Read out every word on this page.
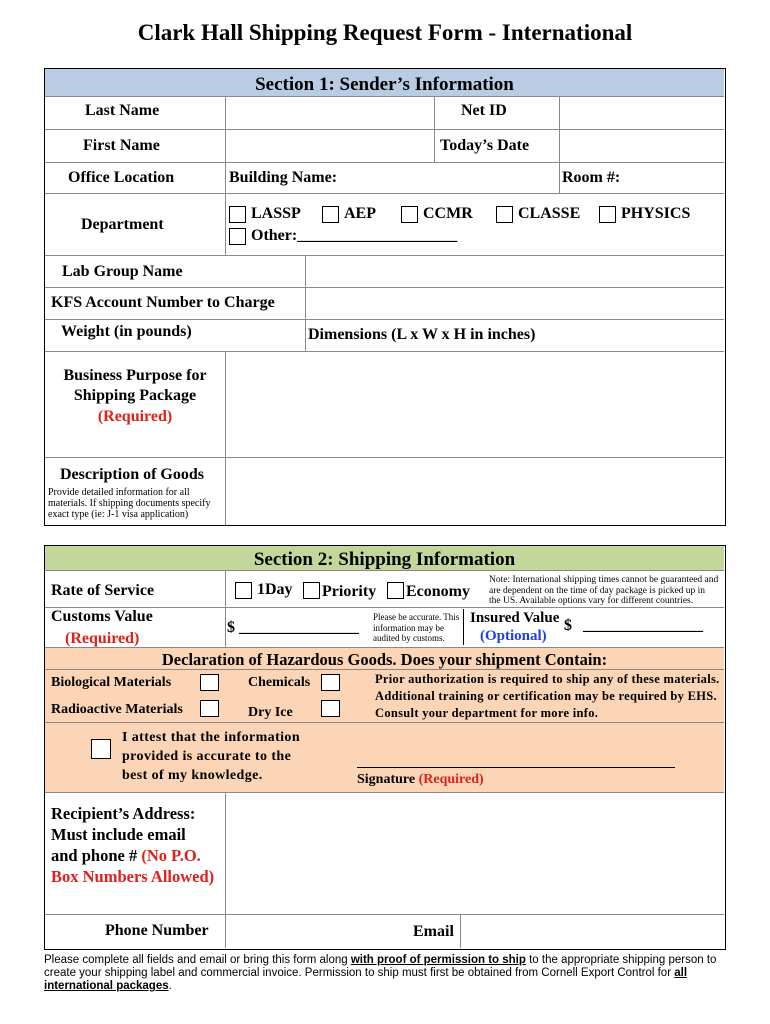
Clark Hall Shipping Request Form - International
Section 1: Sender’s Information
Last Name	Net ID
First Name	Today’s Date
Office Location	Building Name:	Room #:
Department
LASSP	AEP	CCMR	CLASSE	PHYSICS
Other:____________________
Lab Group Name
KFS Account Number to Charge
Weight (in pounds)	Dimensions (L x W x H in inches)
Business Purpose for
Shipping Package
(Required)
Description of Goods
Provide detailed information for all materials. If shipping documents specify exact type (ie: J-1 visa application)
Section 2: Shipping Information
Rate of Service	1Day Priority Economy
Note: International shipping times cannot be guaranteed and are dependent on the time of day package is picked up in the US. Available options vary for different countries.
Customs Value
(Required)
$ _______________
Please be accurate. This information may be audited by customs.
Insured Value
(Optional)
$ _______________
Declaration of Hazardous Goods. Does your shipment Contain:
Biological Materials	Chemicals
Radioactive Materials	Dry Ice
Prior authorization is required to ship any of these materials. Additional training or certification may be required by EHS. Consult your department for more info.
I attest that the information
provided is accurate to the
best of my knowledge.	Signature (Required)
Recipient’s Address:
Must include email
and phone # (No P.O.
Box Numbers Allowed)
Phone Number	Email
Please complete all fields and email or bring this form along with proof of permission to ship to the appropriate shipping person to create your shipping label and commercial invoice. Permission to ship must first be obtained from Cornell Export Control for all international packages.
